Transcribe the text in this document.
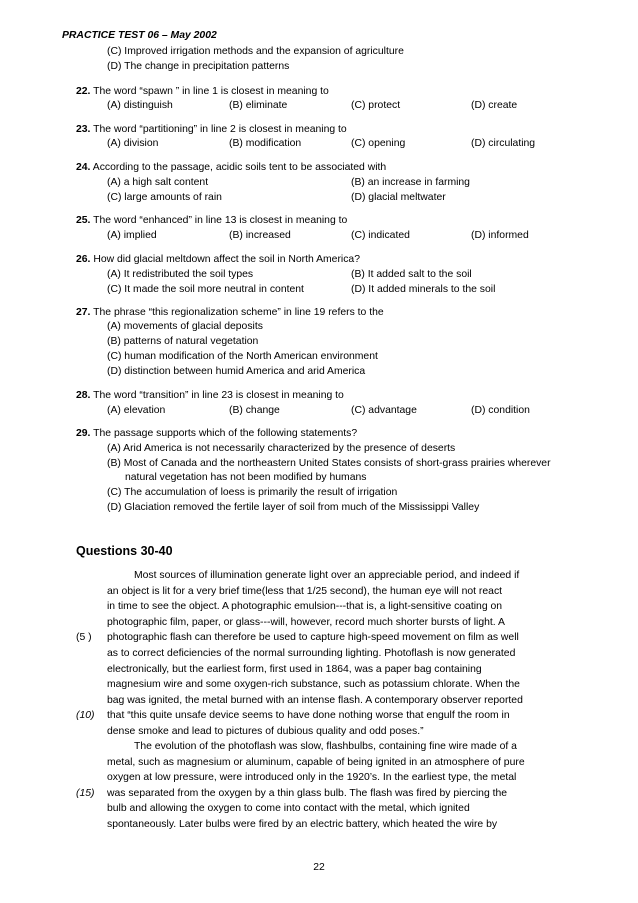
PRACTICE TEST 06 – May 2002
(C) Improved irrigation methods and the expansion of agriculture
(D) The change in precipitation patterns
22. The word “spawn ” in line 1 is closest in meaning to
(A) distinguish	(B) eliminate	(C) protect	(D) create
23. The word “partitioning” in line 2 is closest in meaning to
(A) division	(B) modification	(C) opening	(D) circulating
24. According to the passage, acidic soils tent to be associated with
(A) a high salt content	(B) an increase in farming
(C) large amounts of rain	(D) glacial meltwater
25. The word “enhanced” in line 13 is closest in meaning to
(A) implied	(B) increased	(C) indicated	(D) informed
26. How did glacial meltdown affect the soil in North America?
(A) It redistributed the soil types	(B) It added salt to the soil
(C) It made the soil more neutral in content	(D) It added minerals to the soil
27. The phrase “this regionalization scheme” in line 19 refers to the
(A) movements of glacial deposits
(B) patterns of natural vegetation
(C) human modification of the North American environment
(D) distinction between humid America and arid America
28. The word “transition” in line 23 is closest in meaning to
(A) elevation	(B) change	(C) advantage	(D) condition
29. The passage supports which of the following statements?
(A) Arid America is not necessarily characterized by the presence of deserts
(B) Most of Canada and the northeastern United States consists of short-grass prairies wherever
natural vegetation has not been modified by humans
(C) The accumulation of loess is primarily the result of irrigation
(D) Glaciation removed the fertile layer of soil from much of the Mississippi Valley
Questions 30-40
Most sources of illumination generate light over an appreciable period, and indeed if
an object is lit for a very brief time(less that 1/25 second), the human eye will not react
in time to see the object. A photographic emulsion---that is, a light-sensitive coating on
photographic film, paper, or glass---will, however, record much shorter bursts of light. A
photographic flash can therefore be used to capture high-speed movement on film as well
as to correct deficiencies of the normal surrounding lighting. Photoflash is now generated
electronically, but the earliest form, first used in 1864, was a paper bag containing
magnesium wire and some oxygen-rich substance, such as potassium chlorate. When the
bag was ignited, the metal burned with an intense flash. A contemporary observer reported
that “this quite unsafe device seems to have done nothing worse that engulf the room in
dense smoke and lead to pictures of dubious quality and odd poses.”
(5 )
(10)
(15)
The evolution of the photoflash was slow, flashbulbs, containing fine wire made of a
metal, such as magnesium or aluminum, capable of being ignited in an atmosphere of pure
oxygen at low pressure, were introduced only in the 1920’s. In the earliest type, the metal
was separated from the oxygen by a thin glass bulb. The flash was fired by piercing the
bulb and allowing the oxygen to come into contact with the metal, which ignited
spontaneously. Later bulbs were fired by an electric battery, which heated the wire by
22
